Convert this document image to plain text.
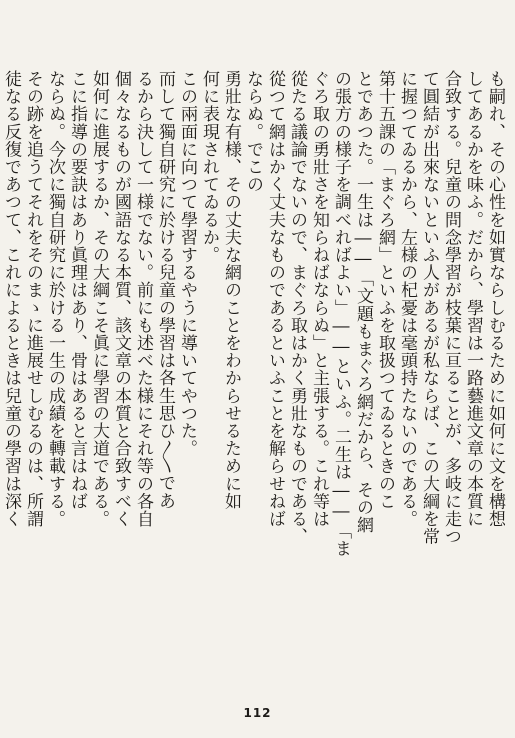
も嗣れ、その心性を如實ならしむるために如何に文を構想
してあるかを味ふ。だから、學習は一路藝進文章の本質に
合致する。兒童の問念學習が枝葉に亘ることが、多岐に走つ
て圓結が出來ないといふ人があるが私ならば、この大綱を常
に握つてゐるから、左様の杞憂は毫頭持たないのである。
第十五課の「まぐろ網」といふを取扱つてゐるときのこ
とであつた。一生は――「文題もまぐろ網だから、その網
の張方の様子を調べればよい」――といふ。二生は――「ま
ぐろ取の勇壯さを知らねばならぬ」と主張する。これ等は
從たる議論でないので、まぐろ取はかく勇壯なものである、
從つて網はかく丈夫なものであるといふことを解らせねば
ならぬ。でこの
勇壯な有様、その丈夫な網のことをわからせるために如
何に表現されてゐるか。
この兩面に向つて學習するやうに導いてやつた。
而して獨自研究に於ける兒童の學習は各生思ひ〳〵であ
るから決して一様でない。前にも述べた様にそれ等の各自
個々なるものが國語なる本質、該文章の本質と合致すべく
如何に進展するか、その大綱こそ眞に學習の大道である。
こに指導の要訣はあり眞理はあり、骨はあると言はねば
ならぬ。今次に獨自研究に於ける一生の成績を轉載する。
その跡を追うてそれをそのまゝに進展せしむるのは、所謂
徒なる反復であつて、これによるときは兒童の學習は深く
112
